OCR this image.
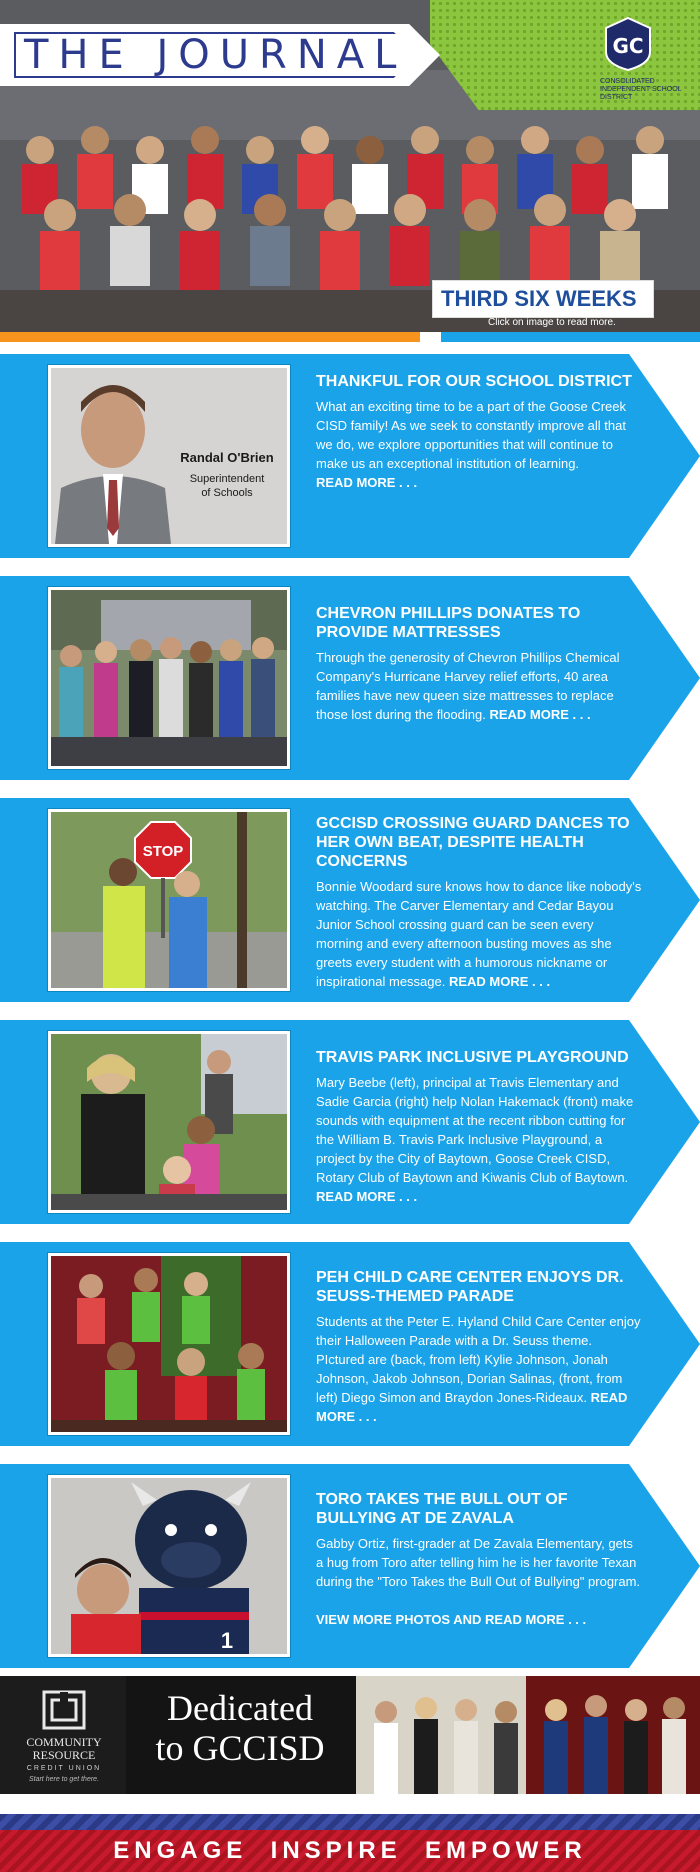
THE JOURNAL	GC
CONSOLIDATED INDEPENDENT SCHOOL DISTRICT
THIRD SIX WEEKS
Click on image to read more.
Randal O'Brien
Superintendent
of Schools
THANKFUL FOR OUR SCHOOL DISTRICT
What an exciting time to be a part of the Goose Creek CISD family! As we seek to constantly improve all that we do, we explore opportunities that will continue to make us an exceptional institution of learning.
READ MORE . . .
CHEVRON PHILLIPS DONATES TO PROVIDE MATTRESSES
Through the generosity of Chevron Phillips Chemical Company's Hurricane Harvey relief efforts, 40 area families have new queen size mattresses to replace those lost during the flooding. READ MORE . . .
STOP
GCCISD CROSSING GUARD DANCES TO HER OWN BEAT, DESPITE HEALTH CONCERNS
Bonnie Woodard sure knows how to dance like nobody's watching. The Carver Elementary and Cedar Bayou Junior School crossing guard can be seen every morning and every afternoon busting moves as she greets every student with a humorous nickname or inspirational message. READ MORE . . .
TRAVIS PARK INCLUSIVE PLAYGROUND
Mary Beebe (left), principal at Travis Elementary and Sadie Garcia (right) help Nolan Hakemack (front) make sounds with equipment at the recent ribbon cutting for the William B. Travis Park Inclusive Playground, a project by the City of Baytown, Goose Creek CISD, Rotary Club of Baytown and Kiwanis Club of Baytown. READ MORE . . .
PEH CHILD CARE CENTER ENJOYS DR. SEUSS-THEMED PARADE
Students at the Peter E. Hyland Child Care Center enjoy their Halloween Parade with a Dr. Seuss theme. PIctured are (back, from left) Kylie Johnson, Jonah Johnson, Jakob Johnson, Dorian Salinas, (front, from left) Diego Simon and Braydon Jones-Rideaux. READ MORE . . .
1
TORO TAKES THE BULL OUT OF BULLYING AT DE ZAVALA
Gabby Ortiz, first-grader at De Zavala Elementary, gets a hug from Toro after telling him he is her favorite Texan during the "Toro Takes the Bull Out of Bullying" program.

VIEW MORE PHOTOS AND READ MORE . . .
COMMUNITY
RESOURCE
CREDIT UNION
Start here to get there.
Dedicated
to GCCISD
ENGAGE  INSPIRE  EMPOWER
